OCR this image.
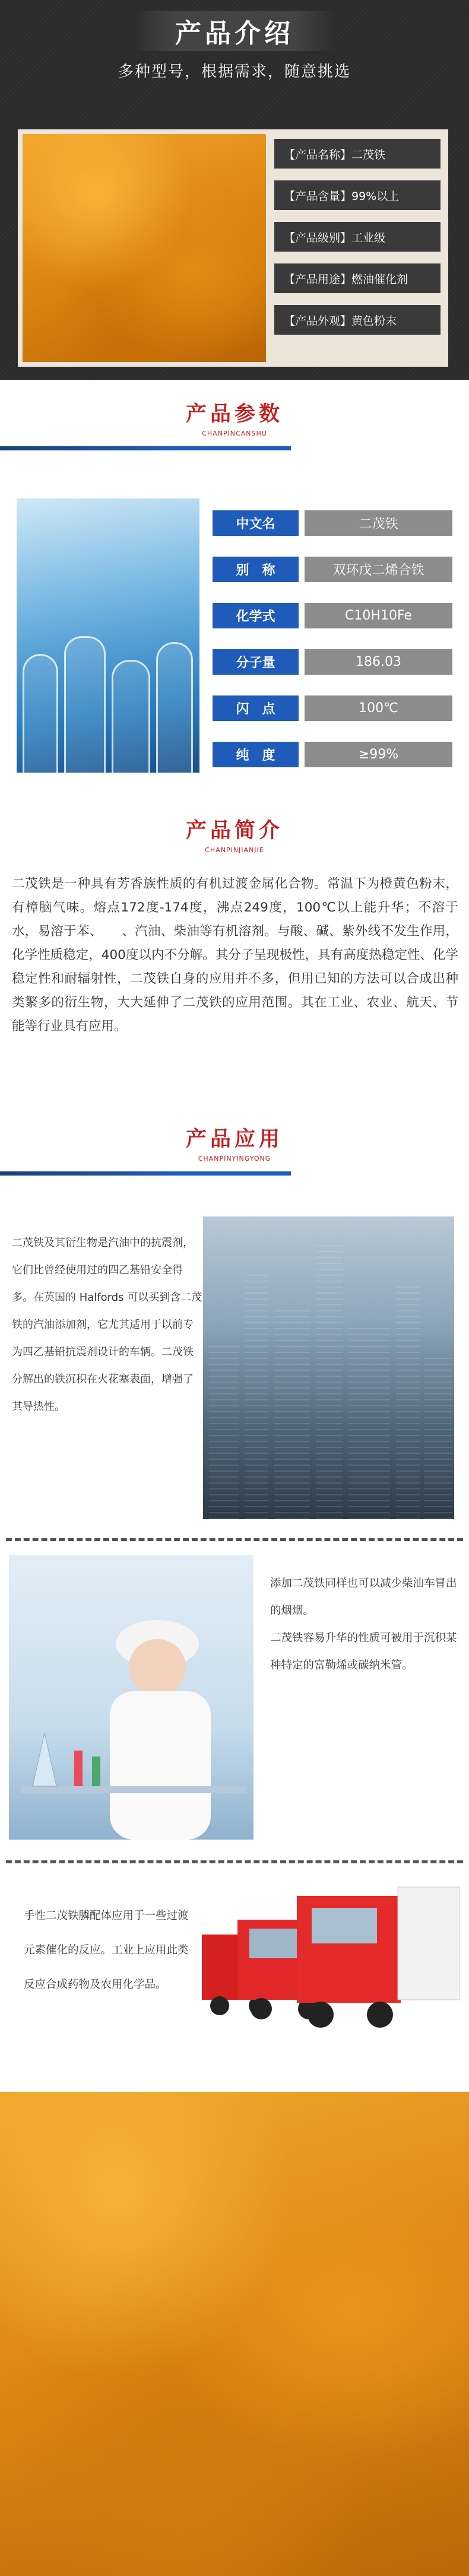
产品介绍

多种型号，根据需求，随意挑选

【产品名称】二茂铁
【产品含量】99%以上
【产品级别】工业级
【产品用途】燃油催化剂
【产品外观】黄色粉末
产品参数

CHANPINCANSHU

中文名	二茂铁
别　称	双环戊二烯合铁
化学式	C10H10Fe
分子量	186.03
闪　点	100℃
纯　度	≥99%
产品简介

CHANPINJIANJIE

二茂铁是一种具有芳香族性质的有机过渡金属化合物。常温下为橙黄色粉末，有樟脑气味。熔点172度-174度，沸点249度，100℃以上能升华；不溶于水，易溶于苯、　　、汽油、柴油等有机溶剂。与酸、碱、紫外线不发生作用，化学性质稳定，400度以内不分解。其分子呈现极性，具有高度热稳定性、化学稳定性和耐辐射性，二茂铁自身的应用并不多，但用已知的方法可以合成出种类繁多的衍生物，大大延伸了二茂铁的应用范围。其在工业、农业、航天、节能等行业具有应用。

产品应用

CHANPINYINGYONG

二茂铁及其衍生物是汽油中的抗震剂，它们比曾经使用过的四乙基铅安全得多。在英国的 Halfords 可以买到含二茂铁的汽油添加剂，它尤其适用于以前专为四乙基铅抗震剂设计的车辆。二茂铁分解出的铁沉积在火花塞表面，增强了其导热性。

添加二茂铁同样也可以减少柴油车冒出的烟烟。
二茂铁容易升华的性质可被用于沉积某种特定的富勒烯或碳纳米管。

手性二茂铁膦配体应用于一些过渡元素催化的反应。工业上应用此类反应合成药物及农用化学品。
